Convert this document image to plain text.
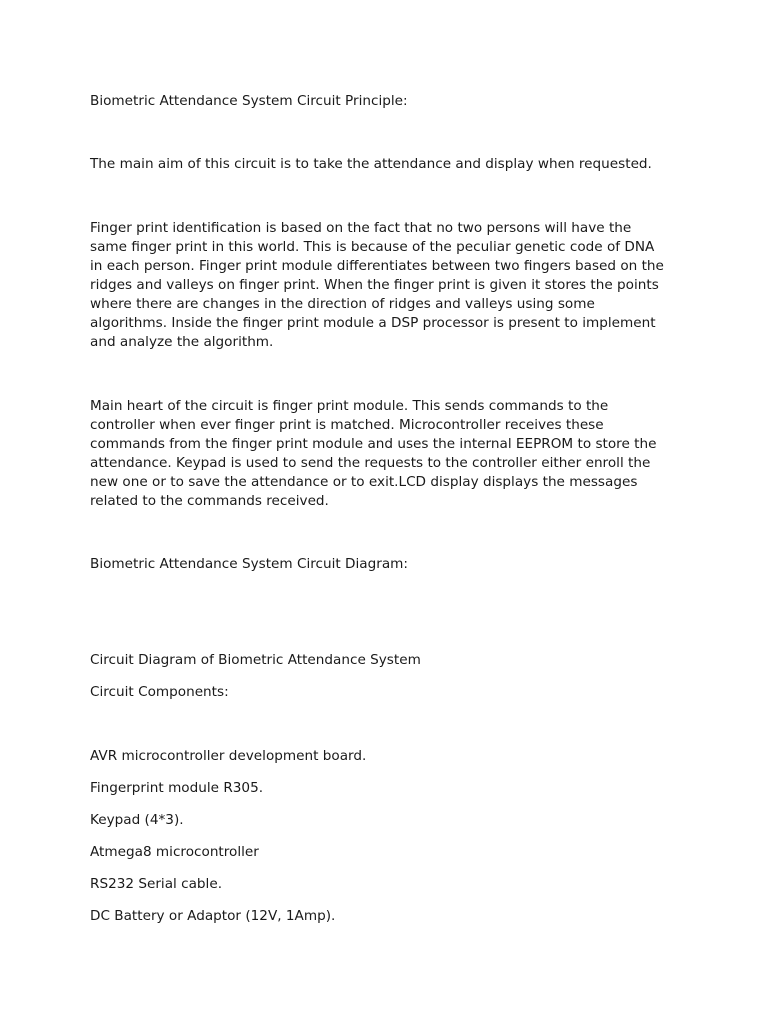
Biometric Attendance System Circuit Principle:

The main aim of this circuit is to take the attendance and display when requested.

Finger print identification is based on the fact that no two persons will have the
same finger print in this world. This is because of the peculiar genetic code of DNA
in each person. Finger print module differentiates between two fingers based on the
ridges and valleys on finger print. When the finger print is given it stores the points
where there are changes in the direction of ridges and valleys using some
algorithms. Inside the finger print module a DSP processor is present to implement
and analyze the algorithm.
Main heart of the circuit is finger print module. This sends commands to the
controller when ever finger print is matched. Microcontroller receives these
commands from the finger print module and uses the internal EEPROM to store the
attendance. Keypad is used to send the requests to the controller either enroll the
new one or to save the attendance or to exit.LCD display displays the messages
related to the commands received.

Biometric Attendance System Circuit Diagram:

Circuit Diagram of Biometric Attendance System

Circuit Components:

AVR microcontroller development board.

Fingerprint module R305.

Keypad (4*3).

Atmega8 microcontroller

RS232 Serial cable.

DC Battery or Adaptor (12V, 1Amp).
